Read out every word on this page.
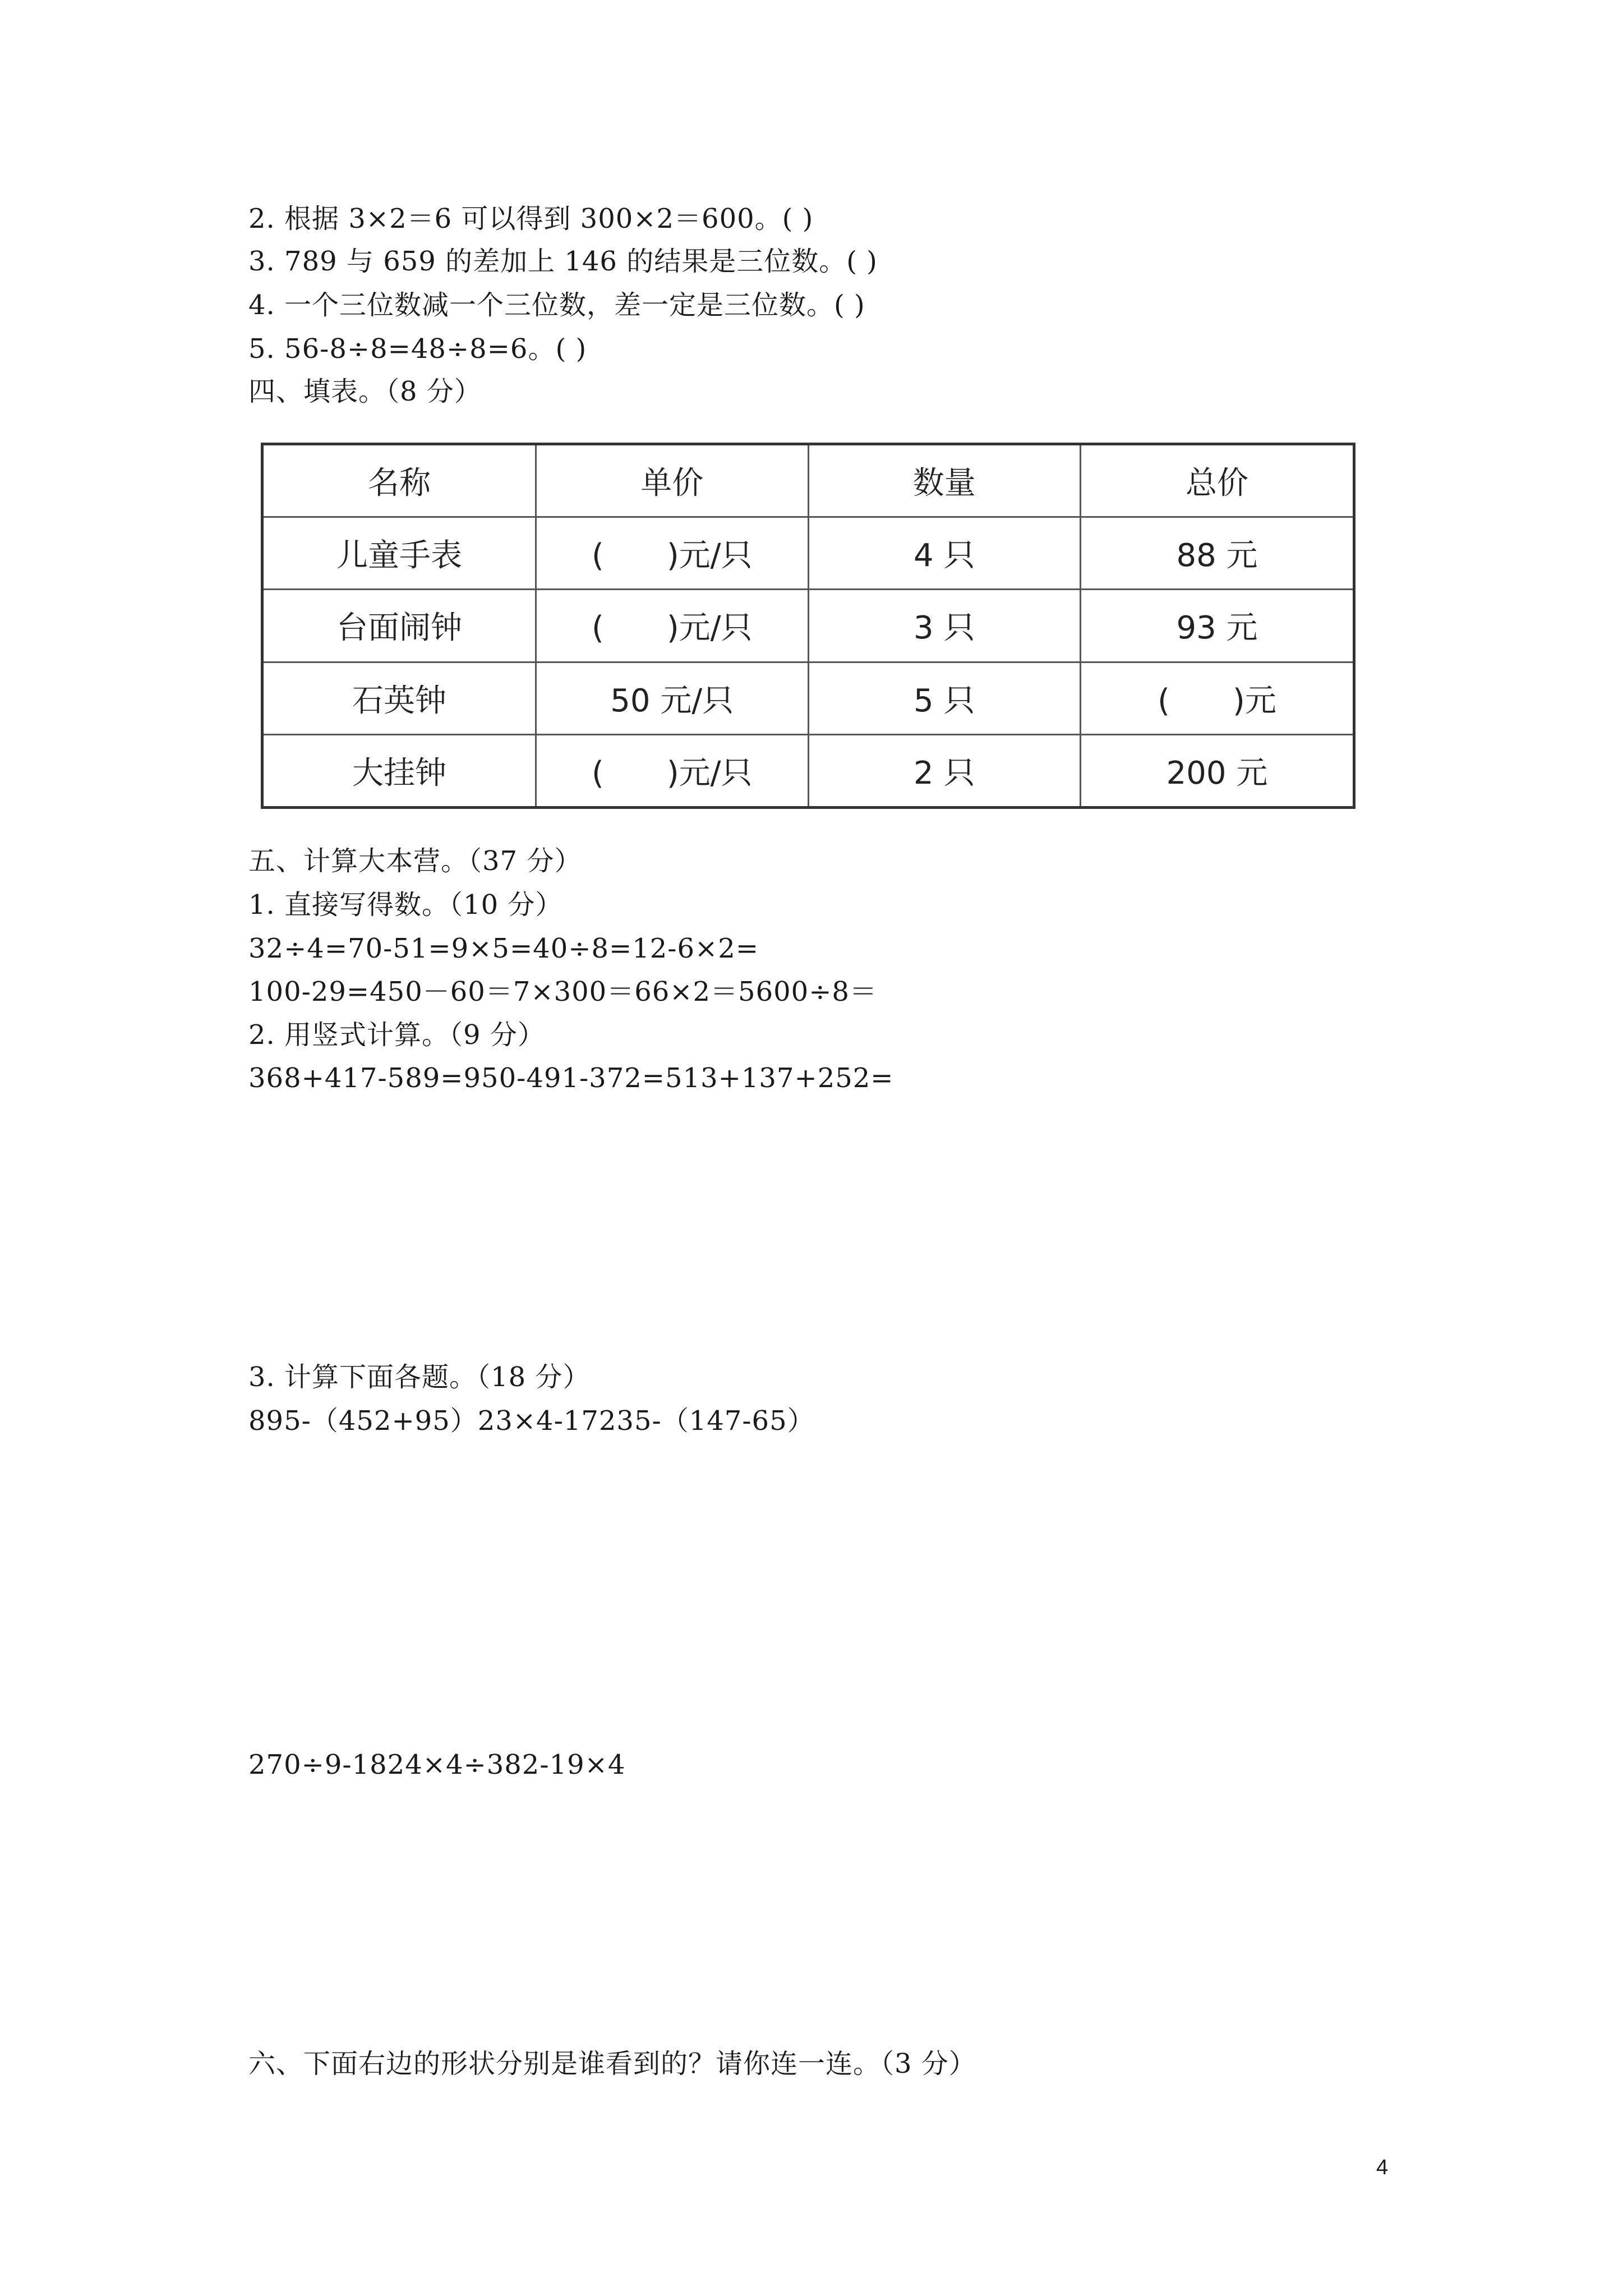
2. 根据 3×2＝6 可以得到 300×2＝600。( )
3. 789 与 659 的差加上 146 的结果是三位数。( )
4. 一个三位数减一个三位数，差一定是三位数。( )
5. 56-8÷8=48÷8=6。( )
四、填表。（8 分）
名称	单价	数量	总价
儿童手表	(　　)元/只	4 只	88 元
台面闹钟	(　　)元/只	3 只	93 元
石英钟	50 元/只	5 只	(　　)元
大挂钟	(　　)元/只	2 只	200 元
五、计算大本营。（37 分）
1. 直接写得数。（10 分）
32÷4=70-51=9×5=40÷8=12-6×2=
100-29=450－60＝7×300＝66×2＝5600÷8＝
2. 用竖式计算。（9 分）
368+417-589=950-491-372=513+137+252=
3. 计算下面各题。（18 分）
895-（452+95）23×4-17235-（147-65）
270÷9-1824×4÷382-19×4
六、下面右边的形状分别是谁看到的？请你连一连。（3 分）
4
